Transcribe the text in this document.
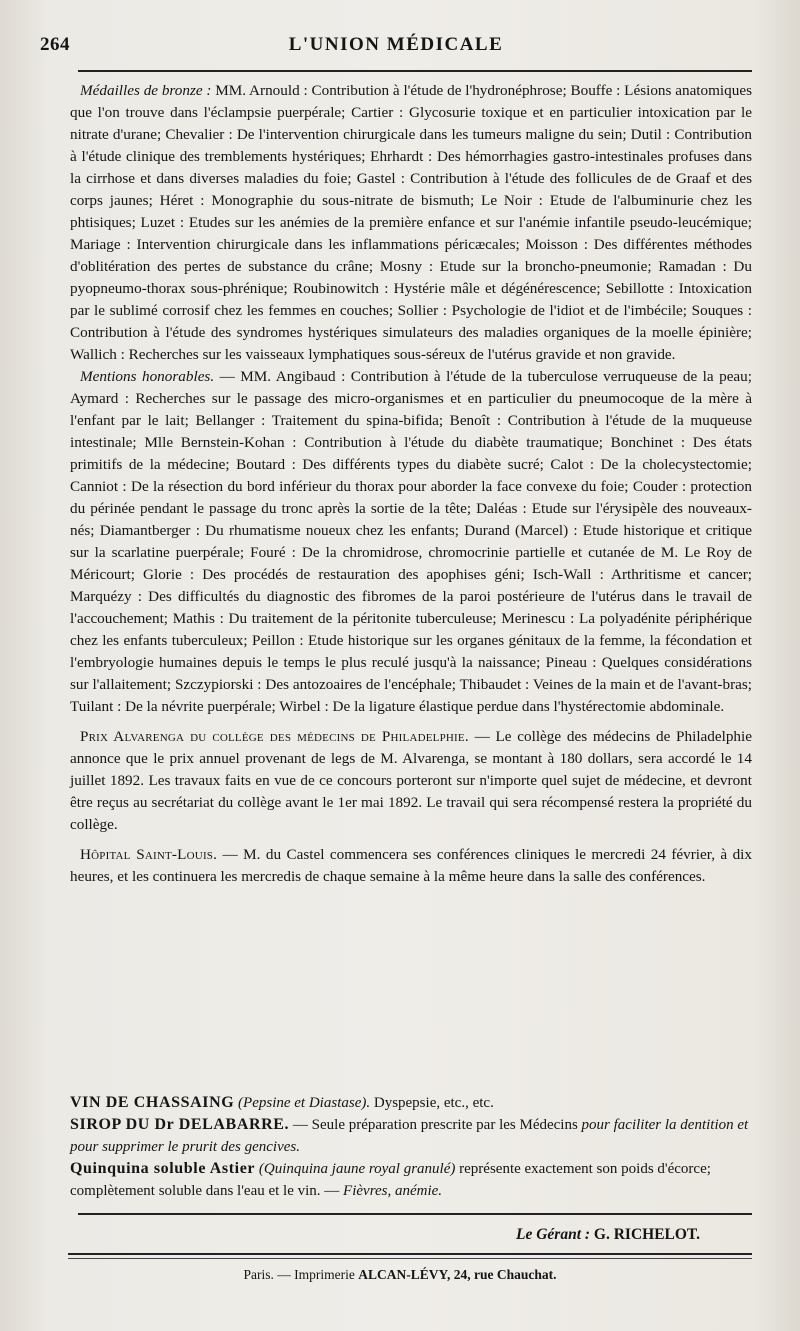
264	L'UNION MÉDICALE

Médailles de bronze : MM. Arnould : Contribution à l'étude de l'hydronéphrose; Bouffe : Lésions anatomiques que l'on trouve dans l'éclampsie puerpérale; Cartier : Glycosurie toxique et en particulier intoxication par le nitrate d'urane; Chevalier : De l'intervention chirurgicale dans les tumeurs maligne du sein; Dutil : Contribution à l'étude clinique des tremblements hystériques; Ehrhardt : Des hémorrhagies gastro-intestinales profuses dans la cirrhose et dans diverses maladies du foie; Gastel : Contribution à l'étude des follicules de de Graaf et des corps jaunes; Héret : Monographie du sous-nitrate de bismuth; Le Noir : Etude de l'albuminurie chez les phtisiques; Luzet : Etudes sur les anémies de la première enfance et sur l'anémie infantile pseudo-leucémique; Mariage : Intervention chirurgicale dans les inflammations péricæcales; Moisson : Des différentes méthodes d'oblitération des pertes de substance du crâne; Mosny : Etude sur la broncho-pneumonie; Ramadan : Du pyopneumo-thorax sous-phrénique; Roubinowitch : Hystérie mâle et dégénérescence; Sebillotte : Intoxication par le sublimé corrosif chez les femmes en couches; Sollier : Psychologie de l'idiot et de l'imbécile; Souques : Contribution à l'étude des syndromes hystériques simulateurs des maladies organiques de la moelle épinière; Wallich : Recherches sur les vaisseaux lymphatiques sous-séreux de l'utérus gravide et non gravide.

Mentions honorables. — MM. Angibaud : Contribution à l'étude de la tuberculose verruqueuse de la peau; Aymard : Recherches sur le passage des micro-organismes et en particulier du pneumocoque de la mère à l'enfant par le lait; Bellanger : Traitement du spina-bifida; Benoît : Contribution à l'étude de la muqueuse intestinale; Mlle Bernstein-Kohan : Contribution à l'étude du diabète traumatique; Bonchinet : Des états primitifs de la médecine; Boutard : Des différents types du diabète sucré; Calot : De la cholecystectomie; Canniot : De la résection du bord inférieur du thorax pour aborder la face convexe du foie; Couder : protection du périnée pendant le passage du tronc après la sortie de la tête; Daléas : Etude sur l'érysipèle des nouveaux-nés; Diamantberger : Du rhumatisme noueux chez les enfants; Durand (Marcel) : Etude historique et critique sur la scarlatine puerpérale; Fouré : De la chromidrose, chromocrinie partielle et cutanée de M. Le Roy de Méricourt; Glorie : Des procédés de restauration des apophises géni; Isch-Wall : Arthritisme et cancer; Marquézy : Des difficultés du diagnostic des fibromes de la paroi postérieure de l'utérus dans le travail de l'accouchement; Mathis : Du traitement de la péritonite tuberculeuse; Merinescu : La polyadénite périphérique chez les enfants tuberculeux; Peillon : Etude historique sur les organes génitaux de la femme, la fécondation et l'embryologie humaines depuis le temps le plus reculé jusqu'à la naissance; Pineau : Quelques considérations sur l'allaitement; Szczypiorski : Des antozoaires de l'encéphale; Thibaudet : Veines de la main et de l'avant-bras; Tuilant : De la névrite puerpérale; Wirbel : De la ligature élastique perdue dans l'hystérectomie abdominale.

Prix Alvarenga du collège des médecins de Philadelphie. — Le collège des médecins de Philadelphie annonce que le prix annuel provenant de legs de M. Alvarenga, se montant à 180 dollars, sera accordé le 14 juillet 1892. Les travaux faits en vue de ce concours porteront sur n'importe quel sujet de médecine, et devront être reçus au secrétariat du collège avant le 1er mai 1892. Le travail qui sera récompensé restera la propriété du collège.

Hôpital Saint-Louis. — M. du Castel commencera ses conférences cliniques le mercredi 24 février, à dix heures, et les continuera les mercredis de chaque semaine à la même heure dans la salle des conférences.

VIN DE CHASSAING (Pepsine et Diastase). Dyspepsie, etc., etc.

SIROP DU Dr DELABARRE. — Seule préparation prescrite par les Médecins pour faciliter la dentition et pour supprimer le prurit des gencives.

Quinquina soluble Astier (Quinquina jaune royal granulé) représente exactement son poids d'écorce; complètement soluble dans l'eau et le vin. — Fièvres, anémie.

Le Gérant : G. RICHELOT.
Paris. — Imprimerie ALCAN-LÉVY, 24, rue Chauchat.
